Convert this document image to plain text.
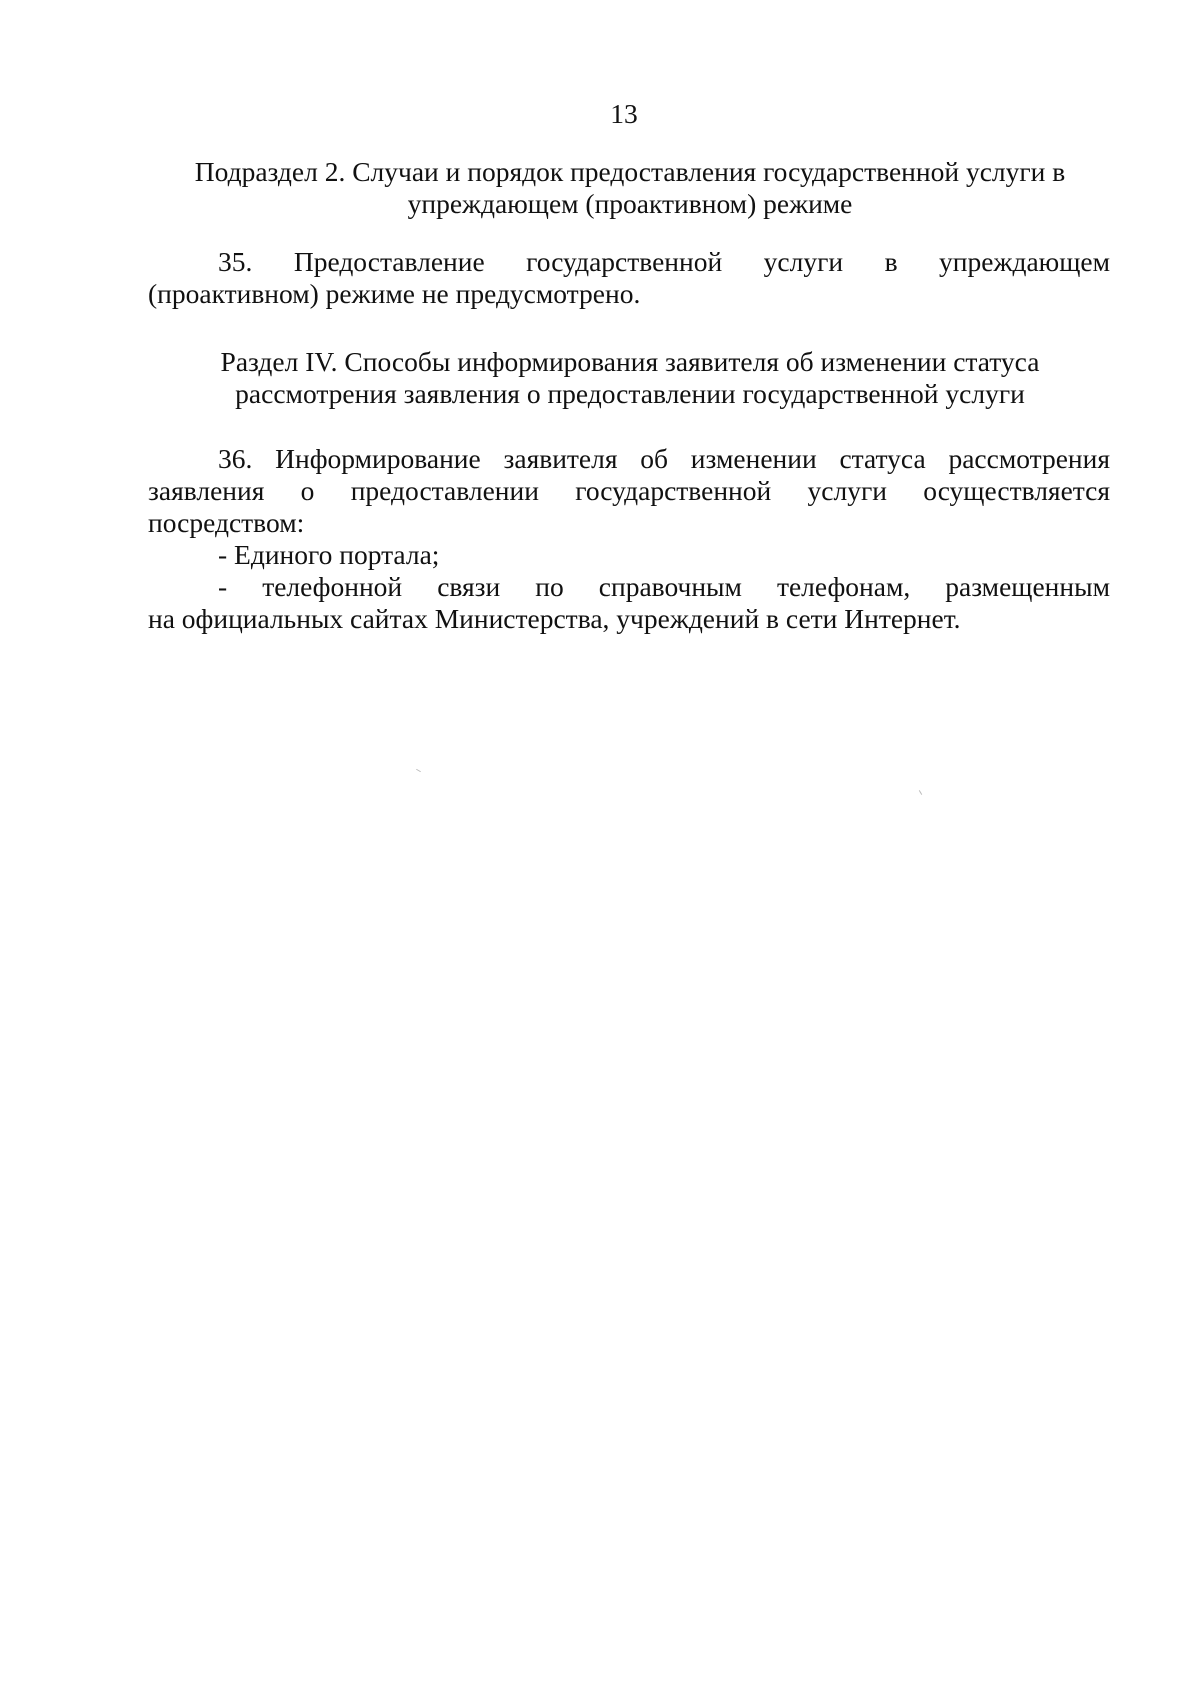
13
Подраздел 2. Случаи и порядок предоставления государственной услуги в
упреждающем (проактивном) режиме
35. Предоставление государственной услуги в упреждающем
(проактивном) режиме не предусмотрено.
Раздел IV. Способы информирования заявителя об изменении статуса
рассмотрения заявления о предоставлении государственной услуги
36. Информирование заявителя об изменении статуса рассмотрения
заявления о предоставлении государственной услуги осуществляется
посредством:
- Единого портала;
- телефонной связи по справочным телефонам, размещенным
на официальных сайтах Министерства, учреждений в сети Интернет.
